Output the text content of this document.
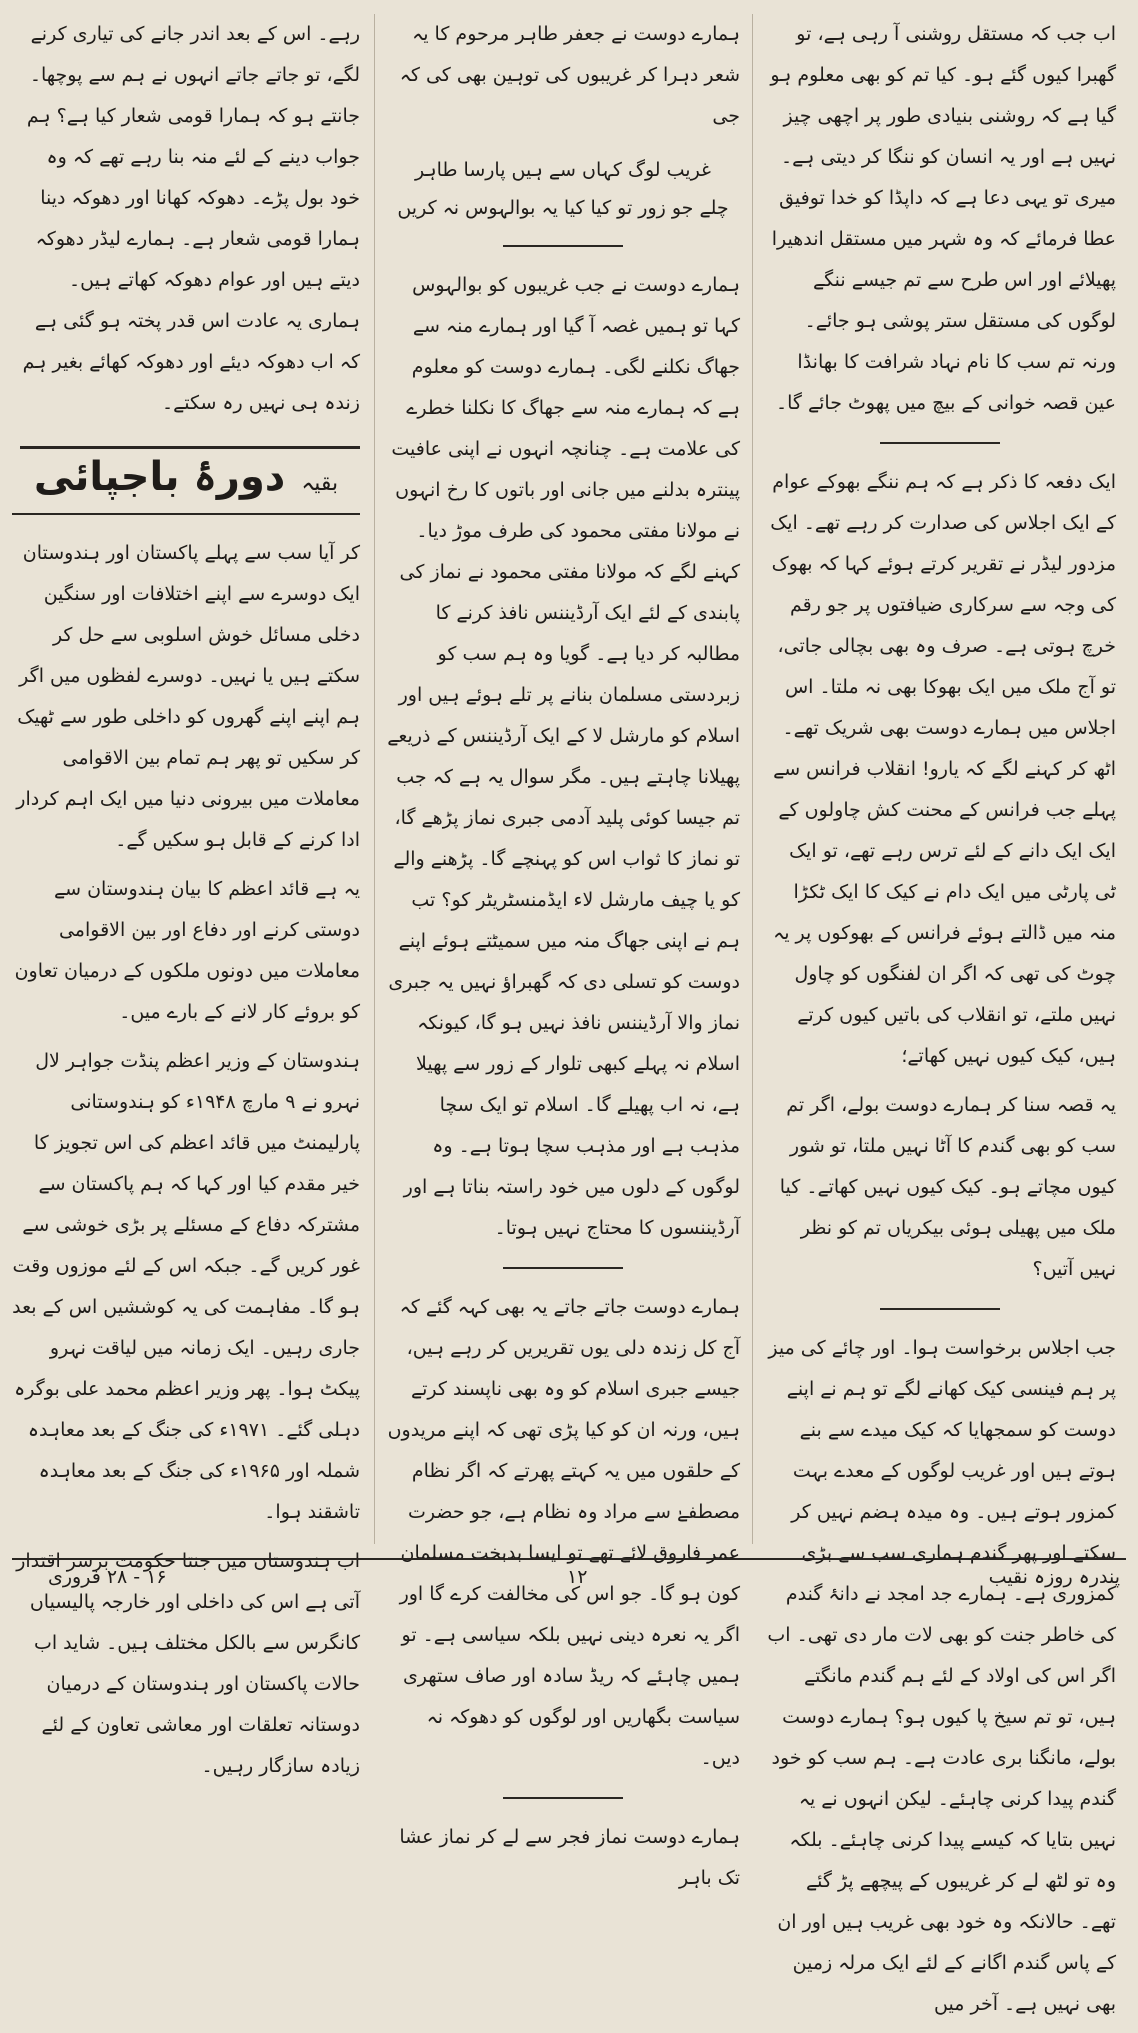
اب جب کہ مستقل روشنی آ رہی ہے، تو گھبرا کیوں گئے ہو۔ کیا تم کو بھی معلوم ہو گیا ہے کہ روشنی بنیادی طور پر اچھی چیز نہیں ہے اور یہ انسان کو ننگا کر دیتی ہے۔ میری تو یہی دعا ہے کہ داپڈا کو خدا توفیق عطا فرمائے کہ وہ شہر میں مستقل اندھیرا پھیلائے اور اس طرح سے تم جیسے ننگے لوگوں کی مستقل ستر پوشی ہو جائے۔ ورنہ تم سب کا نام نہاد شرافت کا بھانڈا عین قصہ خوانی کے بیچ میں پھوٹ جائے گا۔

ایک دفعہ کا ذکر ہے کہ ہم ننگے بھوکے عوام کے ایک اجلاس کی صدارت کر رہے تھے۔ ایک مزدور لیڈر نے تقریر کرتے ہوئے کہا کہ بھوک کی وجہ سے سرکاری ضیافتوں پر جو رقم خرچ ہوتی ہے۔ صرف وہ بھی بچالی جاتی، تو آج ملک میں ایک بھوکا بھی نہ ملتا۔ اس اجلاس میں ہمارے دوست بھی شریک تھے۔ اٹھ کر کہنے لگے کہ یارو! انقلاب فرانس سے پہلے جب فرانس کے محنت کش چاولوں کے ایک ایک دانے کے لئے ترس رہے تھے، تو ایک ٹی پارٹی میں ایک دام نے کیک کا ایک ٹکڑا منہ میں ڈالتے ہوئے فرانس کے بھوکوں پر یہ چوٹ کی تھی کہ اگر ان لفنگوں کو چاول نہیں ملتے، تو انقلاب کی باتیں کیوں کرتے ہیں، کیک کیوں نہیں کھاتے؛

یہ قصہ سنا کر ہمارے دوست بولے، اگر تم سب کو بھی گندم کا آٹا نہیں ملتا، تو شور کیوں مچاتے ہو۔ کیک کیوں نہیں کھاتے۔ کیا ملک میں پھیلی ہوئی بیکریاں تم کو نظر نہیں آتیں؟

جب اجلاس برخواست ہوا۔ اور چائے کی میز پر ہم فینسی کیک کھانے لگے تو ہم نے اپنے دوست کو سمجھایا کہ کیک میدے سے بنے ہوتے ہیں اور غریب لوگوں کے معدے بہت کمزور ہوتے ہیں۔ وہ میدہ ہضم نہیں کر سکتے اور پھر گندم ہماری سب سے بڑی کمزوری ہے۔ ہمارے جد امجد نے دانۂ گندم کی خاطر جنت کو بھی لات مار دی تھی۔ اب اگر اس کی اولاد کے لئے ہم گندم مانگتے ہیں، تو تم سیخ پا کیوں ہو؟ ہمارے دوست بولے، مانگنا بری عادت ہے۔ ہم سب کو خود گندم پیدا کرنی چاہئے۔ لیکن انہوں نے یہ نہیں بتایا کہ کیسے پیدا کرنی چاہئے۔ بلکہ وہ تو لٹھ لے کر غریبوں کے پیچھے پڑ گئے تھے۔ حالانکہ وہ خود بھی غریب ہیں اور ان کے پاس گندم اگانے کے لئے ایک مرلہ زمین بھی نہیں ہے۔ آخر میں

ہمارے دوست نے جعفر طاہر مرحوم کا یہ شعر دہرا کر غریبوں کی توہین بھی کی کہ جی

غریب لوگ کہاں سے ہیں پارسا طاہر
چلے جو زور تو کیا کیا یہ بوالہوس نہ کریں

ہمارے دوست نے جب غریبوں کو بوالہوس کہا تو ہمیں غصہ آ گیا اور ہمارے منہ سے جھاگ نکلنے لگی۔ ہمارے دوست کو معلوم ہے کہ ہمارے منہ سے جھاگ کا نکلنا خطرے کی علامت ہے۔ چنانچہ انہوں نے اپنی عافیت پینترہ بدلنے میں جانی اور باتوں کا رخ انہوں نے مولانا مفتی محمود کی طرف موڑ دیا۔ کہنے لگے کہ مولانا مفتی محمود نے نماز کی پابندی کے لئے ایک آرڈیننس نافذ کرنے کا مطالبہ کر دیا ہے۔ گویا وہ ہم سب کو زبردستی مسلمان بنانے پر تلے ہوئے ہیں اور اسلام کو مارشل لا کے ایک آرڈیننس کے ذریعے پھیلانا چاہتے ہیں۔ مگر سوال یہ ہے کہ جب تم جیسا کوئی پلید آدمی جبری نماز پڑھے گا، تو نماز کا ثواب اس کو پہنچے گا۔ پڑھنے والے کو یا چیف مارشل لاء ایڈمنسٹریٹر کو؟ تب ہم نے اپنی جھاگ منہ میں سمیٹتے ہوئے اپنے دوست کو تسلی دی کہ گھبراؤ نہیں یہ جبری نماز والا آرڈیننس نافذ نہیں ہو گا، کیونکہ اسلام نہ پہلے کبھی تلوار کے زور سے پھیلا ہے، نہ اب پھیلے گا۔ اسلام تو ایک سچا مذہب ہے اور مذہب سچا ہوتا ہے۔ وہ لوگوں کے دلوں میں خود راستہ بناتا ہے اور آرڈیننسوں کا محتاج نہیں ہوتا۔

ہمارے دوست جاتے جاتے یہ بھی کہہ گئے کہ آج کل زندہ دلی یوں تقریریں کر رہے ہیں، جیسے جبری اسلام کو وہ بھی ناپسند کرتے ہیں، ورنہ ان کو کیا پڑی تھی کہ اپنے مریدوں کے حلقوں میں یہ کہتے پھرتے کہ اگر نظام مصطفےٰ سے مراد وہ نظام ہے، جو حضرت عمر فاروق لائے تھے تو ایسا بدبخت مسلمان کون ہو گا۔ جو اس کی مخالفت کرے گا اور اگر یہ نعرہ دینی نہیں بلکہ سیاسی ہے۔ تو ہمیں چاہئے کہ ریڈ سادہ اور صاف ستھری سیاست بگھاریں اور لوگوں کو دھوکہ نہ دیں۔

ہمارے دوست نماز فجر سے لے کر نماز عشا تک باہر

رہے۔ اس کے بعد اندر جانے کی تیاری کرنے لگے، تو جاتے جاتے انہوں نے ہم سے پوچھا۔ جانتے ہو کہ ہمارا قومی شعار کیا ہے؟ ہم جواب دینے کے لئے منہ بنا رہے تھے کہ وہ خود بول پڑے۔ دھوکہ کھانا اور دھوکہ دینا ہمارا قومی شعار ہے۔ ہمارے لیڈر دھوکہ دیتے ہیں اور عوام دھوکہ کھاتے ہیں۔ ہماری یہ عادت اس قدر پختہ ہو گئی ہے کہ اب دھوکہ دیئے اور دھوکہ کھائے بغیر ہم زندہ ہی نہیں رہ سکتے۔

بقیہ دورۂ باجپائی

کر آیا سب سے پہلے پاکستان اور ہندوستان ایک دوسرے سے اپنے اختلافات اور سنگین دخلی مسائل خوش اسلوبی سے حل کر سکتے ہیں یا نہیں۔ دوسرے لفظوں میں اگر ہم اپنے اپنے گھروں کو داخلی طور سے ٹھیک کر سکیں تو پھر ہم تمام بین الاقوامی معاملات میں بیرونی دنیا میں ایک اہم کردار ادا کرنے کے قابل ہو سکیں گے۔

یہ ہے قائد اعظم کا بیان ہندوستان سے دوستی کرنے اور دفاع اور بین الاقوامی معاملات میں دونوں ملکوں کے درمیان تعاون کو بروئے کار لانے کے بارے میں۔

ہندوستان کے وزیر اعظم پنڈت جواہر لال نہرو نے ۹ مارچ ۱۹۴۸ء کو ہندوستانی پارلیمنٹ میں قائد اعظم کی اس تجویز کا خیر مقدم کیا اور کہا کہ ہم پاکستان سے مشترکہ دفاع کے مسئلے پر بڑی خوشی سے غور کریں گے۔ جبکہ اس کے لئے موزوں وقت ہو گا۔ مفاہمت کی یہ کوششیں اس کے بعد جاری رہیں۔ ایک زمانہ میں لیاقت نہرو پیکٹ ہوا۔ پھر وزیر اعظم محمد علی بوگرہ دہلی گئے۔ ۱۹۷۱ء کی جنگ کے بعد معاہدہ شملہ اور ۱۹۶۵ء کی جنگ کے بعد معاہدہ تاشقند ہوا۔

اب ہندوستان میں جنتا حکومت برسر اقتدار آتی ہے اس کی داخلی اور خارجہ پالیسیاں کانگرس سے بالکل مختلف ہیں۔ شاید اب حالات پاکستان اور ہندوستان کے درمیان دوستانہ تعلقات اور معاشی تعاون کے لئے زیادہ سازگار رہیں۔

پندرہ روزہ نقیب
۱۲
۱۶ - ۲۸ فروری
